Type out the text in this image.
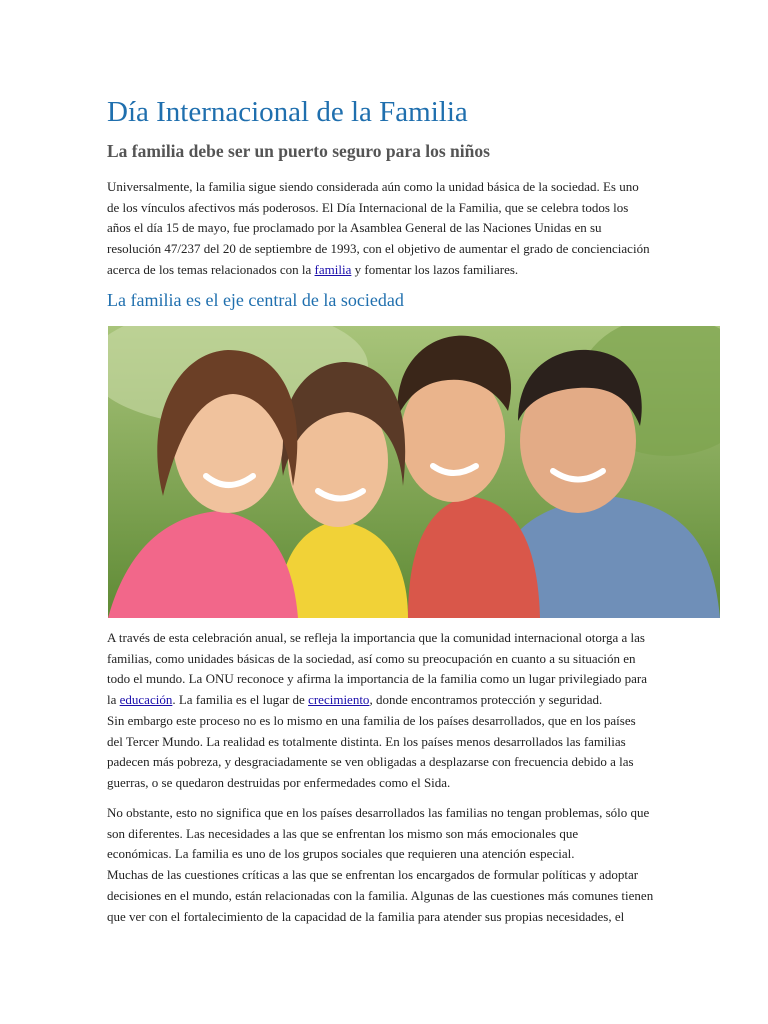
Día Internacional de la Familia
La familia debe ser un puerto seguro para los niños

Universalmente, la familia sigue siendo considerada aún como la unidad básica de la sociedad. Es uno
de los vínculos afectivos más poderosos. El Día Internacional de la Familia, que se celebra todos los
años el día 15 de mayo, fue proclamado por la Asamblea General de las Naciones Unidas en su
resolución 47/237 del 20 de septiembre de 1993, con el objetivo de aumentar el grado de concienciación
acerca de los temas relacionados con la familia y fomentar los lazos familiares.

La familia es el eje central de la sociedad

A través de esta celebración anual, se refleja la importancia que la comunidad internacional otorga a las
familias, como unidades básicas de la sociedad, así como su preocupación en cuanto a su situación en
todo el mundo. La ONU reconoce y afirma la importancia de la familia como un lugar privilegiado para
la educación. La familia es el lugar de crecimiento, donde encontramos protección y seguridad.
Sin embargo este proceso no es lo mismo en una familia de los países desarrollados, que en los países
del Tercer Mundo. La realidad es totalmente distinta. En los países menos desarrollados las familias
padecen más pobreza, y desgraciadamente se ven obligadas a desplazarse con frecuencia debido a las
guerras, o se quedaron destruidas por enfermedades como el Sida.

No obstante, esto no significa que en los países desarrollados las familias no tengan problemas, sólo que
son diferentes. Las necesidades a las que se enfrentan los mismo son más emocionales que
económicas. La familia es uno de los grupos sociales que requieren una atención especial.
Muchas de las cuestiones críticas a las que se enfrentan los encargados de formular políticas y adoptar
decisiones en el mundo, están relacionadas con la familia. Algunas de las cuestiones más comunes tienen
que ver con el fortalecimiento de la capacidad de la familia para atender sus propias necesidades, el
